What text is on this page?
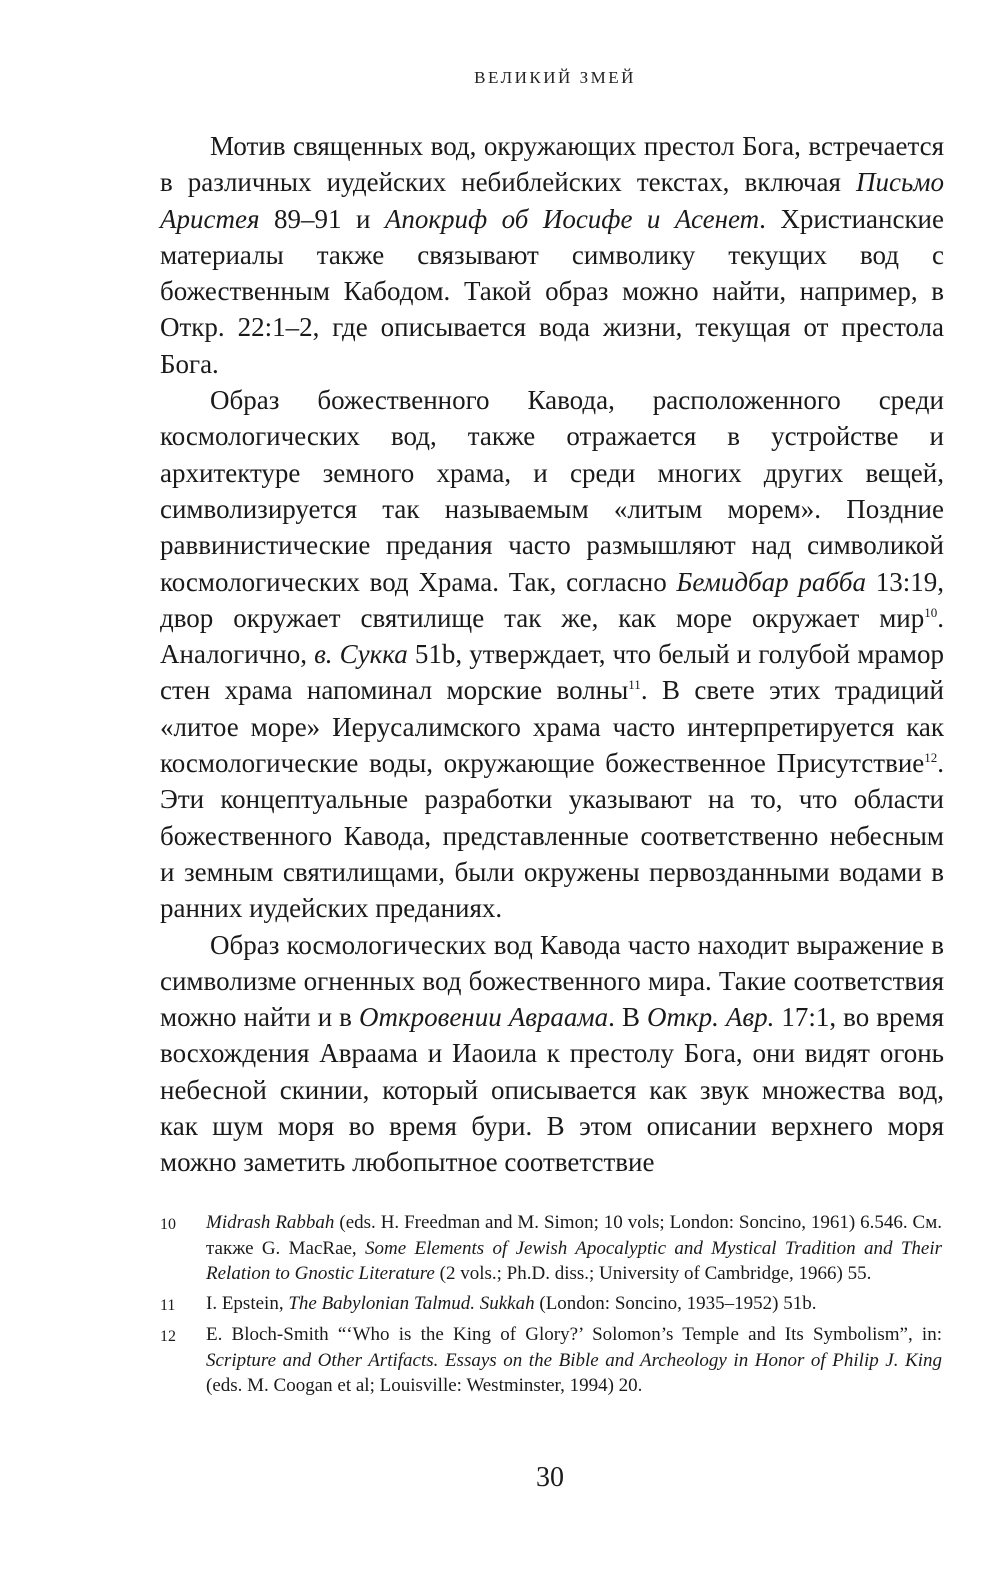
ВЕЛИКИЙ ЗМЕЙ

Мотив священных вод, окружающих престол Бога, встречается в различных иудейских небиблейских текстах, включая Письмо Аристея 89–91 и Апокриф об Иосифе и Асенет. Христианские материалы также связывают символику текущих вод с божественным Кабодом. Такой образ можно найти, например, в Откр. 22:1–2, где описывается вода жизни, текущая от престола Бога.

Образ божественного Кавода, расположенного среди космологических вод, также отражается в устройстве и архитектуре земного храма, и среди многих других вещей, символизируется так называемым «литым морем». Поздние раввинистические предания часто размышляют над символикой космологических вод Храма. Так, согласно Бемидбар рабба 13:19, двор окружает святилище так же, как море окружает мир$^{10}$. Аналогично, в. Сукка 51b, утверждает, что белый и голубой мрамор стен храма напоминал морские волны$^{11}$. В свете этих традиций «литое море» Иерусалимского храма часто интерпретируется как космологические воды, окружающие божественное Присутствие$^{12}$. Эти концептуальные разработки указывают на то, что области божественного Кавода, представленные соответственно небесным и земным святилищами, были окружены первозданными водами в ранних иудейских преданиях.

Образ космологических вод Кавода часто находит выражение в символизме огненных вод божественного мира. Такие соответствия можно найти и в Откровении Авраама. В Откр. Авр. 17:1, во время восхождения Авраама и Иаоила к престолу Бога, они видят огонь небесной скинии, который описывается как звук множества вод, как шум моря во время бури. В этом описании верхнего моря можно заметить любопытное соответствие

10	Midrash Rabbah (eds. H. Freedman and M. Simon; 10 vols; London: Soncino, 1961) 6.546. См. также G. MacRae, Some Elements of Jewish Apocalyptic and Mystical Tradition and Their Relation to Gnostic Literature (2 vols.; Ph.D. diss.; University of Cambridge, 1966) 55.
11	I. Epstein, The Babylonian Talmud. Sukkah (London: Soncino, 1935–1952) 51b.
12	E. Bloch-Smith “‘Who is the King of Glory?’ Solomon’s Temple and Its Symbolism”, in: Scripture and Other Artifacts. Essays on the Bible and Archeology in Honor of Philip J. King (eds. M. Coogan et al; Louisville: Westminster, 1994) 20.
30
